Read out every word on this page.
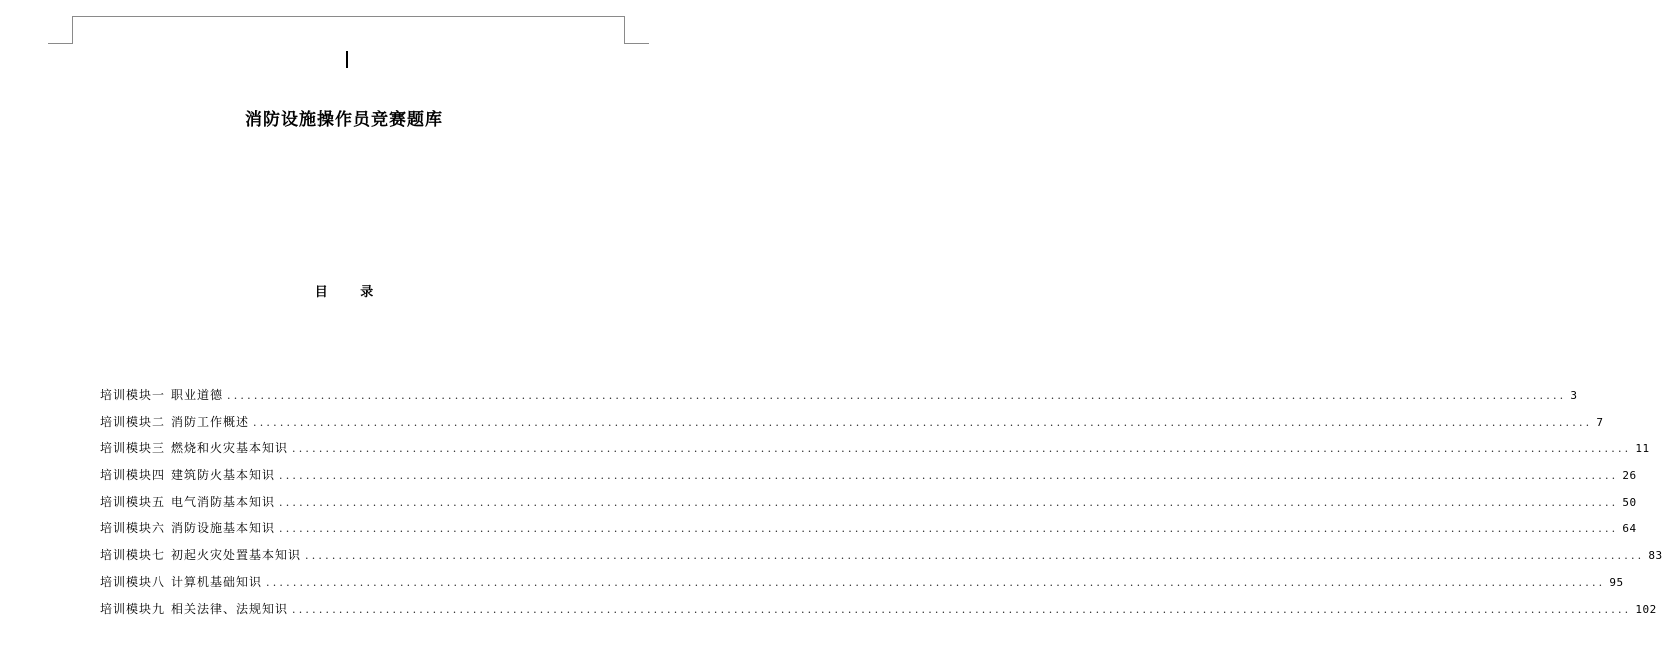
消防设施操作员竞赛题库
目 录
培训模块一 职业道德 ........................................................................................................................................................................................................ 3
培训模块二 消防工作概述 ........................................................................................................................................................................................................ 7
培训模块三 燃烧和火灾基本知识 ........................................................................................................................................................................................................ 11
培训模块四 建筑防火基本知识 ........................................................................................................................................................................................................ 26
培训模块五 电气消防基本知识 ........................................................................................................................................................................................................ 50
培训模块六 消防设施基本知识 ........................................................................................................................................................................................................ 64
培训模块七 初起火灾处置基本知识 ........................................................................................................................................................................................................ 83
培训模块八 计算机基础知识 ........................................................................................................................................................................................................ 95
培训模块九 相关法律、法规知识 ........................................................................................................................................................................................................ 102
